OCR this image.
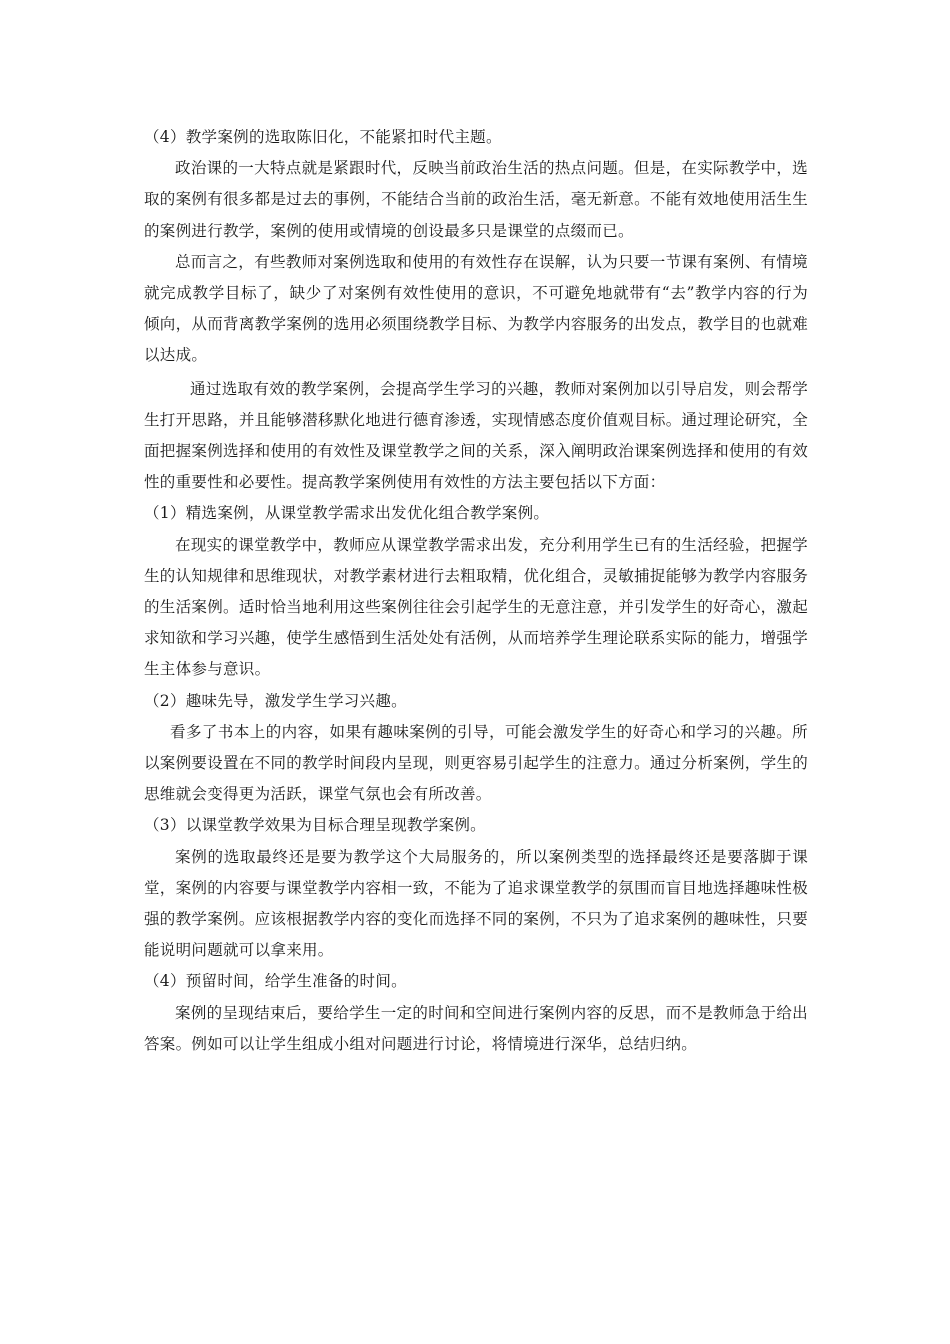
（4）教学案例的选取陈旧化，不能紧扣时代主题。

政治课的一大特点就是紧跟时代，反映当前政治生活的热点问题。但是，在实际教学中，选取的案例有很多都是过去的事例，不能结合当前的政治生活，毫无新意。不能有效地使用活生生的案例进行教学，案例的使用或情境的创设最多只是课堂的点缀而已。

总而言之，有些教师对案例选取和使用的有效性存在误解，认为只要一节课有案例、有情境就完成教学目标了，缺少了对案例有效性使用的意识，不可避免地就带有“去”教学内容的行为倾向，从而背离教学案例的选用必须围绕教学目标、为教学内容服务的出发点，教学目的也就难以达成。

通过选取有效的教学案例，会提高学生学习的兴趣，教师对案例加以引导启发，则会帮学生打开思路，并且能够潜移默化地进行德育渗透，实现情感态度价值观目标。通过理论研究，全面把握案例选择和使用的有效性及课堂教学之间的关系，深入阐明政治课案例选择和使用的有效性的重要性和必要性。提高教学案例使用有效性的方法主要包括以下方面：

（1）精选案例，从课堂教学需求出发优化组合教学案例。

在现实的课堂教学中，教师应从课堂教学需求出发，充分利用学生已有的生活经验，把握学生的认知规律和思维现状，对教学素材进行去粗取精，优化组合，灵敏捕捉能够为教学内容服务的生活案例。适时恰当地利用这些案例往往会引起学生的无意注意，并引发学生的好奇心，激起求知欲和学习兴趣，使学生感悟到生活处处有活例，从而培养学生理论联系实际的能力，增强学生主体参与意识。

（2）趣味先导，激发学生学习兴趣。

看多了书本上的内容，如果有趣味案例的引导，可能会激发学生的好奇心和学习的兴趣。所以案例要设置在不同的教学时间段内呈现，则更容易引起学生的注意力。通过分析案例，学生的思维就会变得更为活跃，课堂气氛也会有所改善。

（3）以课堂教学效果为目标合理呈现教学案例。

案例的选取最终还是要为教学这个大局服务的，所以案例类型的选择最终还是要落脚于课堂，案例的内容要与课堂教学内容相一致，不能为了追求课堂教学的氛围而盲目地选择趣味性极强的教学案例。应该根据教学内容的变化而选择不同的案例，不只为了追求案例的趣味性，只要能说明问题就可以拿来用。

（4）预留时间，给学生准备的时间。

案例的呈现结束后，要给学生一定的时间和空间进行案例内容的反思，而不是教师急于给出答案。例如可以让学生组成小组对问题进行讨论，将情境进行深华，总结归纳。
